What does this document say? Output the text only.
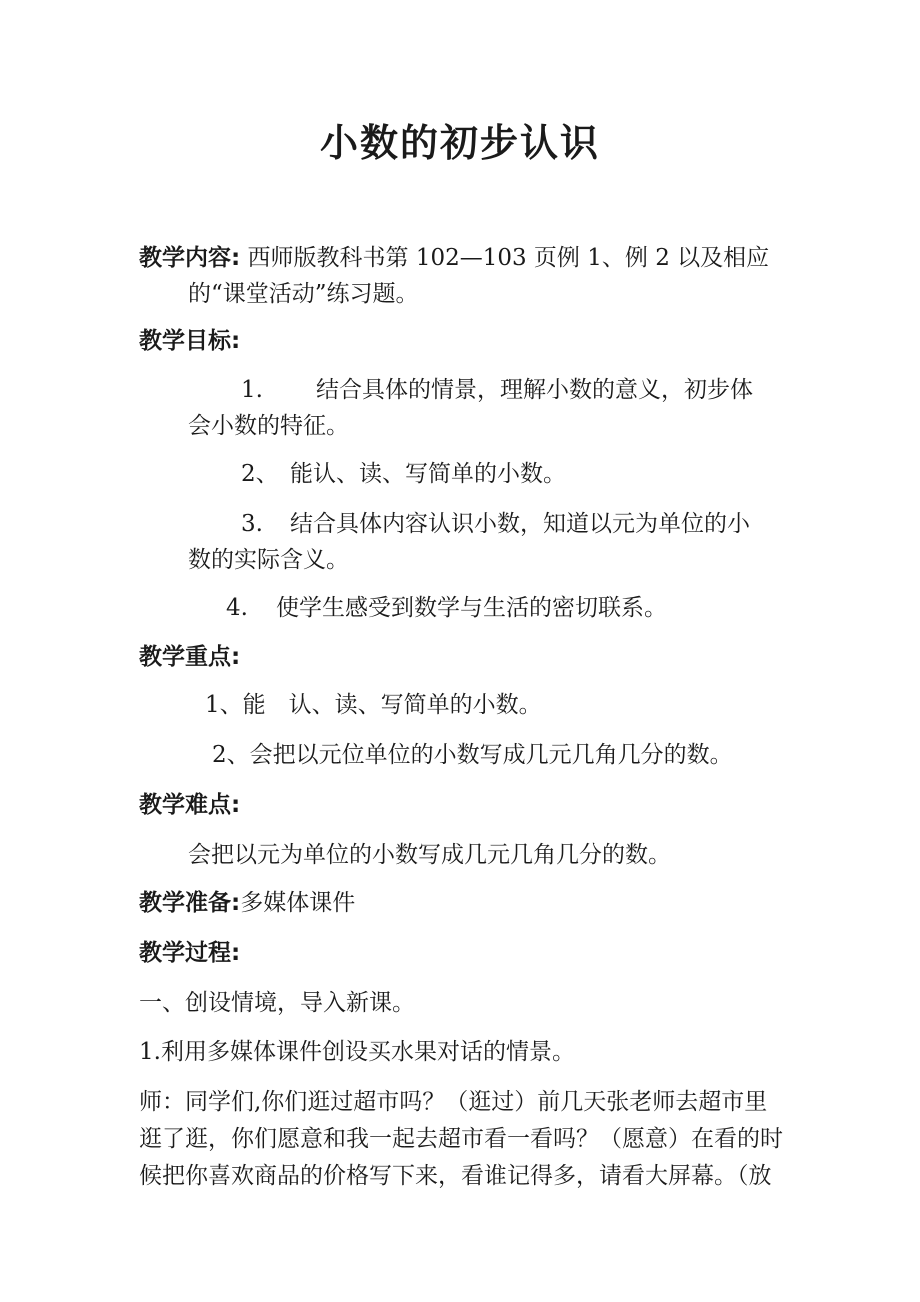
小数的初步认识
教学内容: 西师版教科书第 102—103 页例 1、例 2 以及相应
的“课堂活动”练习题。
教学目标:
1. 结合具体的情景，理解小数的意义，初步体
会小数的特征。
2、 能认、读、写简单的小数。
3. 结合具体内容认识小数，知道以元为单位的小
数的实际含义。
4. 使学生感受到数学与生活的密切联系。
教学重点:
1、能　认、读、写简单的小数。
2、会把以元位单位的小数写成几元几角几分的数。
教学难点:
会把以元为单位的小数写成几元几角几分的数。
教学准备:多媒体课件
教学过程:
一、创设情境，导入新课。
1.利用多媒体课件创设买水果对话的情景。
师：同学们,你们逛过超市吗？（逛过）前几天张老师去超市里
逛了逛，你们愿意和我一起去超市看一看吗？（愿意）在看的时
候把你喜欢商品的价格写下来，看谁记得多，请看大屏幕。（放
